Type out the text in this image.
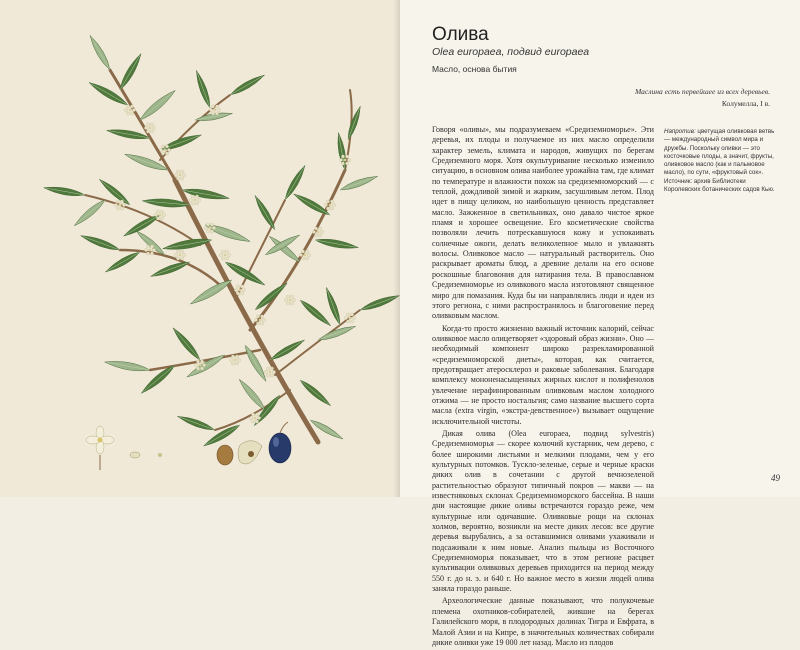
Олива
Olea europaea, подвид europaea
Масло, основа бытия
Маслина есть первейшее из всех деревьев.
Колумелла, I в.

Говоря «оливы», мы подразумеваем «Средиземноморье». Эти деревья, их плоды и получаемое из них масло определили характер земель, климата и народов, живущих по берегам Средиземного моря. Хотя окультуривание несколько изменило ситуацию, в основном олива наиболее урожайна там, где климат по температуре и влажности похож на средиземноморский — с теплой, дождливой зимой и жарким, засушливым летом. Плод идет в пищу целиком, но наибольшую ценность представляет масло. Зажженное в светильниках, оно давало чистое яркое пламя и хорошее освещение. Его косметические свойства позволяли лечить потрескавшуюся кожу и успокаивать солнечные ожоги, делать великолепное мыло и увлажнять волосы. Оливковое масло — натуральный растворитель. Оно раскрывает ароматы блюд, а древние делали на его основе роскошные благовония для натирания тела. В православном Средиземноморье из оливкового масла изготовляют священное миро для помазания. Куда бы ни направлялись люди и идеи из этого региона, с ними распространялось и благоговение перед оливковым маслом.

Когда-то просто жизненно важный источник калорий, сейчас оливковое масло олицетворяет «здоровый образ жизни». Оно — необходимый компонент широко разрекламированной «средиземноморской диеты», которая, как считается, предотвращает атеросклероз и раковые заболевания. Благодаря комплексу мононенасыщенных жирных кислот и полифенолов увлечение нерафинированным оливковым маслом холодного отжима — не просто ностальгия; само название высшего сорта масла (extra virgin, «экстра-девственное») вызывает ощущение исключительной чистоты.

Дикая олива (Olea europaea, подвид sylvestris) Средиземноморья — скорее колючий кустарник, чем дерево, с более широкими листьями и мелкими плодами, чем у его культурных потомков. Тускло-зеленые, серые и черные краски диких олив в сочетании с другой вечнозеленой растительностью образуют типичный покров — макви — на известняковых склонах Средиземноморского бассейна. В наши дни настоящие дикие оливы встречаются гораздо реже, чем культурные или одичавшие. Оливковые рощи на склонах холмов, вероятно, возникли на месте диких лесов: все другие деревья вырубались, а за оставшимися оливами ухаживали и подсаживали к ним новые. Анализ пыльцы из Восточного Средиземноморья показывает, что в этом регионе расцвет культивации оливковых деревьев приходится на период между 550 г. до н. э. и 640 г. Но важное место в жизни людей олива заняла гораздо раньше.

Археологические данные показывают, что полукочевые племена охотников-собирателей, жившие на берегах Галилейского моря, в плодородных долинах Тигра и Евфрата, в Малой Азии и на Кипре, в значительных количествах собирали дикие оливки уже 19 000 лет назад. Масло из плодов

Напротив: цветущая оливковая ветвь — международный символ мира и дружбы. Поскольку оливки — это косточковые плоды, а значит, фрукты, оливковое масло (как и пальмовое масло), по сути, «фруктовый сок». Источник: архив Библиотеки Королевских ботанических садов Кью.
49
